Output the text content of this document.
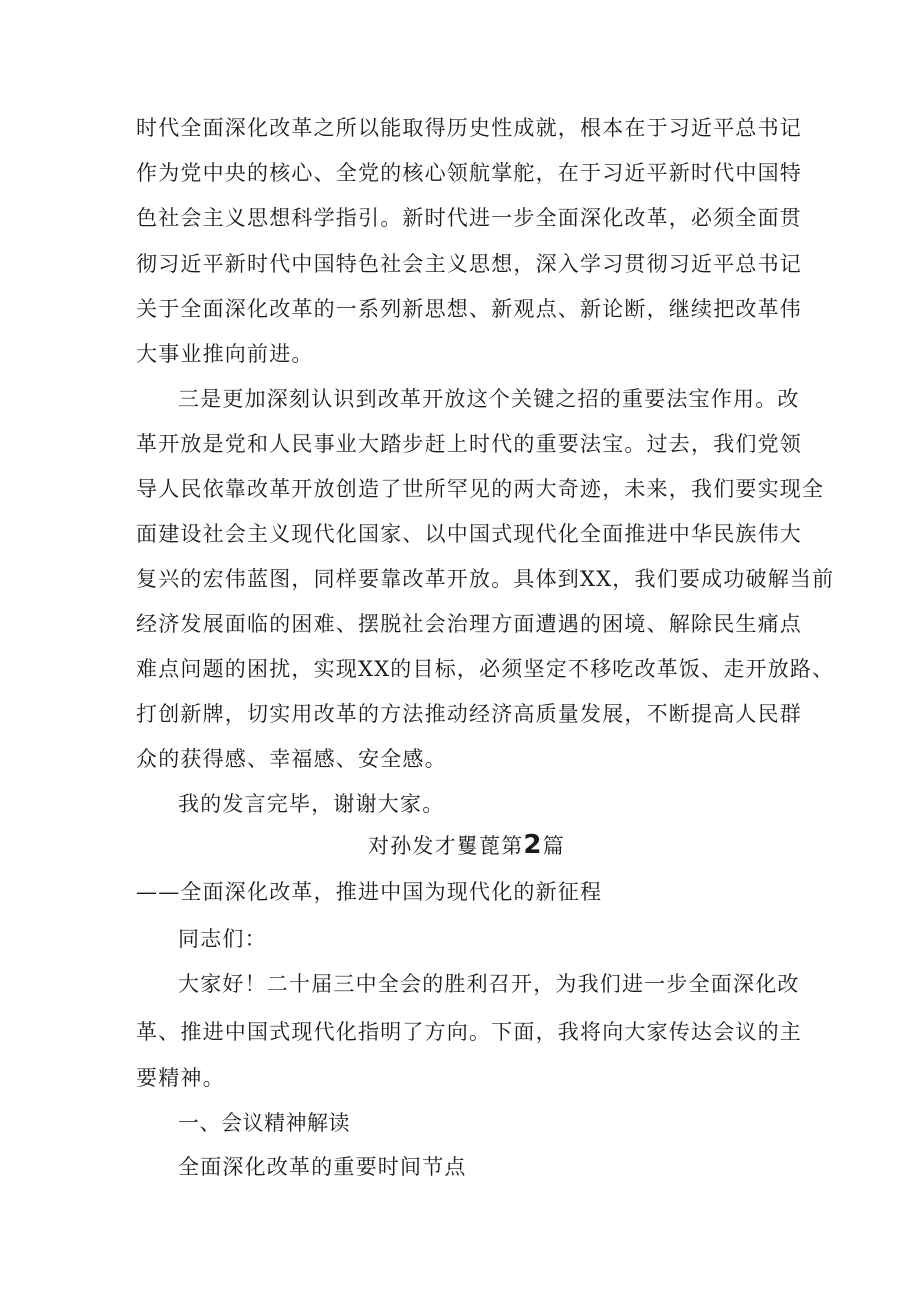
时代全面深化改革之所以能取得历史性成就，根本在于习近平总书记
作为党中央的核心、全党的核心领航掌舵，在于习近平新时代中国特
色社会主义思想科学指引。新时代进一步全面深化改革，必须全面贯
彻习近平新时代中国特色社会主义思想，深入学习贯彻习近平总书记
关于全面深化改革的一系列新思想、新观点、新论断，继续把改革伟
大事业推向前进。
三是更加深刻认识到改革开放这个关键之招的重要法宝作用。改
革开放是党和人民事业大踏步赶上时代的重要法宝。过去，我们党领
导人民依靠改革开放创造了世所罕见的两大奇迹，未来，我们要实现全
面建设社会主义现代化国家、以中国式现代化全面推进中华民族伟大
复兴的宏伟蓝图，同样要靠改革开放。具体到XX，我们要成功破解当前
经济发展面临的困难、摆脱社会治理方面遭遇的困境、解除民生痛点
难点问题的困扰，实现XX的目标，必须坚定不移吃改革饭、走开放路、
打创新牌，切实用改革的方法推动经济高质量发展，不断提高人民群
众的获得感、幸福感、安全感。
我的发言完毕，谢谢大家。
对孙发才矍蓖第2篇
——全面深化改革，推进中国为现代化的新征程
同志们：
大家好！二十届三中全会的胜利召开，为我们进一步全面深化改
革、推进中国式现代化指明了方向。下面，我将向大家传达会议的主
要精神。
一、会议精神解读
全面深化改革的重要时间节点
